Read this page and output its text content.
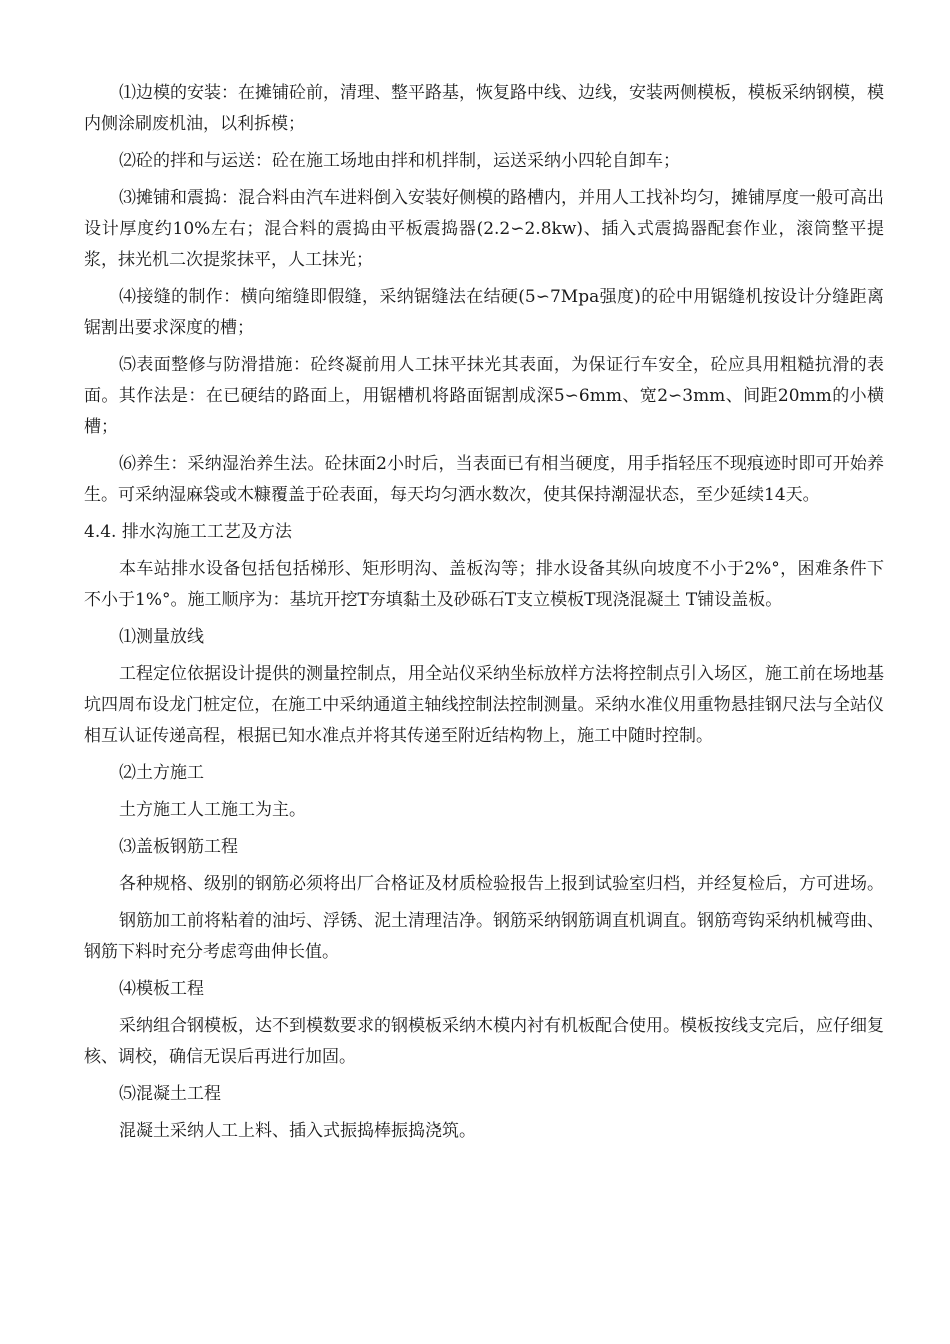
⑴边模的安装：在摊铺砼前，清理、整平路基，恢复路中线、边线，安装两侧模板，模板采纳钢模，模内侧涂刷废机油，以利拆模；

⑵砼的拌和与运送：砼在施工场地由拌和机拌制，运送采纳小四轮自卸车；

⑶摊铺和震捣：混合料由汽车进料倒入安装好侧模的路槽内，并用人工找补均匀，摊铺厚度一般可高出设计厚度约10%左右；混合料的震捣由平板震捣器(2.2∽2.8kw)、插入式震捣器配套作业，滚筒整平提浆，抹光机二次提浆抹平，人工抹光；

⑷接缝的制作：横向缩缝即假缝，采纳锯缝法在结硬(5∽7Mpa强度)的砼中用锯缝机按设计分缝距离锯割出要求深度的槽；

⑸表面整修与防滑措施：砼终凝前用人工抹平抹光其表面，为保证行车安全，砼应具用粗糙抗滑的表面。其作法是：在已硬结的路面上，用锯槽机将路面锯割成深5∽6mm、宽2∽3mm、间距20mm的小横槽；

⑹养生：采纳湿治养生法。砼抹面2小时后，当表面已有相当硬度，用手指轻压不现痕迹时即可开始养生。可采纳湿麻袋或木糠覆盖于砼表面，每天均匀洒水数次，使其保持潮湿状态，至少延续14天。

4.4. 排水沟施工工艺及方法

本车站排水设备包括包括梯形、矩形明沟、盖板沟等；排水设备其纵向坡度不小于2%°，困难条件下不小于1%°。施工顺序为：基坑开挖T夯填黏土及砂砾石T支立模板T现浇混凝土 T铺设盖板。

⑴测量放线

工程定位依据设计提供的测量控制点，用全站仪采纳坐标放样方法将控制点引入场区，施工前在场地基坑四周布设龙门桩定位，在施工中采纳通道主轴线控制法控制测量。采纳水准仪用重物悬挂钢尺法与全站仪相互认证传递高程，根据已知水准点并将其传递至附近结构物上，施工中随时控制。

⑵土方施工

土方施工人工施工为主。

⑶盖板钢筋工程

各种规格、级别的钢筋必须将出厂合格证及材质检验报告上报到试验室归档，并经复检后，方可进场。

钢筋加工前将粘着的油圬、浮锈、泥土清理洁净。钢筋采纳钢筋调直机调直。钢筋弯钩采纳机械弯曲、钢筋下料时充分考虑弯曲伸长值。

⑷模板工程

采纳组合钢模板，达不到模数要求的钢模板采纳木模内衬有机板配合使用。模板按线支完后，应仔细复核、调校，确信无误后再进行加固。

⑸混凝土工程

混凝土采纳人工上料、插入式振捣棒振捣浇筑。
